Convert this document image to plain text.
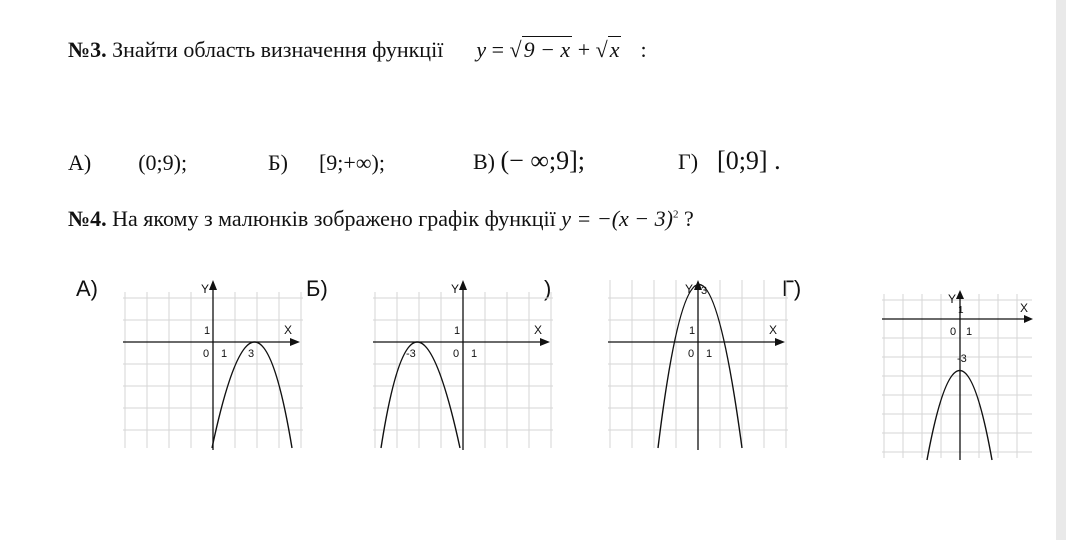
№3. Знайти область визначення функції y = √9 − x + √x :
А) (0;9);	Б) [9;+∞);	В) (− ∞;9];	Г) [0;9] .
№4. На якому з малюнків зображено графік функції $y = -(x - 3)^2$ ?
А)	Б)	)	Г)
Y
X
0 1
1
3
Y
X
0 1
1
-3
Y 3
X
0 1
1
Y
1	X
0 1
-3
